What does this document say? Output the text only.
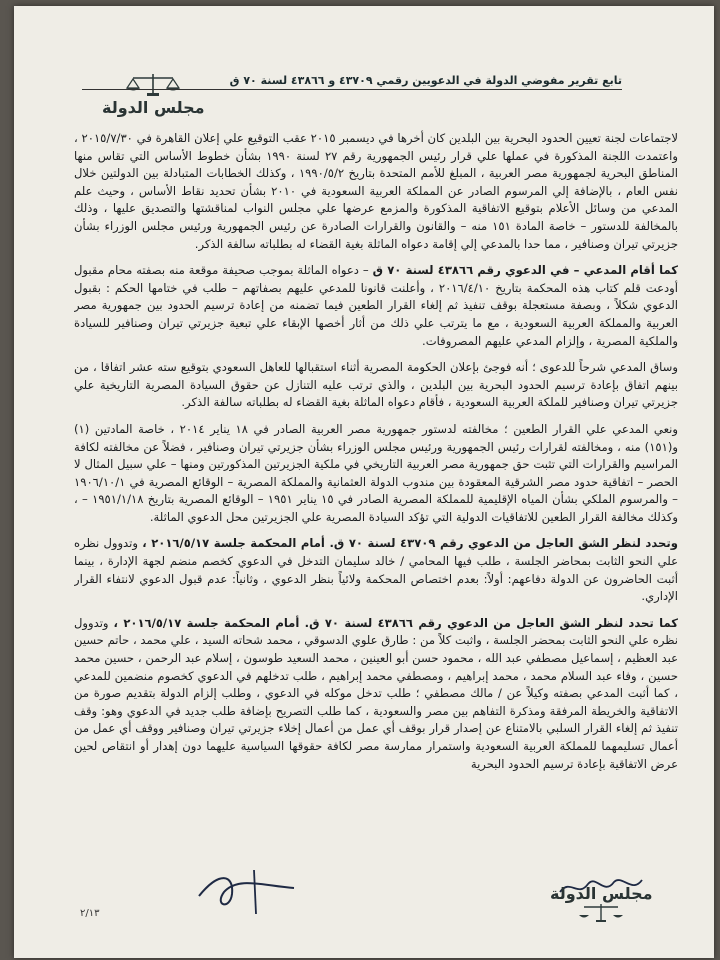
مجلس الدولة
تابع تقرير مفوضي الدولة في الدعويين رقمي ٤٣٧٠٩ و ٤٣٨٦٦ لسنة ٧٠ ق

لاجتماعات لجنة تعيين الحدود البحرية بين البلدين كان أخرها في ديسمبر ٢٠١٥ عقب التوقيع علي إعلان القاهرة في ٢٠١٥/٧/٣٠ ، واعتمدت اللجنة المذكورة في عملها علي قرار رئيس الجمهورية رقم ٢٧ لسنة ١٩٩٠ بشأن خطوط الأساس التي تقاس منها المناطق البحرية لجمهورية مصر العربية ، المبلغ للأمم المتحدة بتاريخ ١٩٩٠/٥/٢ ، وكذلك الخطابات المتبادلة بين الدولتين خلال نفس العام ، بالإضافة إلي المرسوم الصادر عن المملكة العربية السعودية في ٢٠١٠ بشأن تحديد نقاط الأساس ، وحيث علم المدعي من وسائل الأعلام بتوقيع الاتفاقية المذكورة والمزمع عرضها علي مجلس النواب لمناقشتها والتصديق عليها ، وذلك بالمخالفة للدستور – خاصة المادة ١٥١ منه – والقانون والقرارات الصادرة عن رئيس الجمهورية ورئيس مجلس الوزراء بشأن جزيرتي تيران وصنافير ، مما حدا بالمدعي إلي إقامة دعواه الماثلة بغية القضاء له بطلباته سالفة الذكر.

كما أقام المدعي – في الدعوي رقم ٤٣٨٦٦ لسنة ٧٠ ق – دعواه الماثلة بموجب صحيفة موقعة منه بصفته محام مقبول أودعت قلم كتاب هذه المحكمة بتاريخ ٢٠١٦/٤/١٠ ، وأعلنت قانونا للمدعي عليهم بصفاتهم – طلب في ختامها الحكم : بقبول الدعوي شكلاً ، وبصفة مستعجلة بوقف تنفيذ ثم إلغاء القرار الطعين فيما تضمنه من إعادة ترسيم الحدود بين جمهورية مصر العربية والمملكة العربية السعودية ، مع ما يترتب علي ذلك من أثار أخصها الإبقاء علي تبعية جزيرتي تيران وصنافير للسيادة والملكية المصرية ، وإلزام المدعي عليهم المصروفات.

وساق المدعي شرحاً للدعوى ؛ أنه فوجئ بإعلان الحكومة المصرية أثناء استقبالها للعاهل السعودي بتوقيع سته عشر اتفاقا ، من بينهم اتفاق بإعادة ترسيم الحدود البحرية بين البلدين ، والذي ترتب عليه التنازل عن حقوق السيادة المصرية التاريخية علي جزيرتي تيران وصنافير للملكة العربية السعودية ، فأقام دعواه الماثلة بغية القضاء له بطلباته سالفة الذكر.

ونعي المدعي علي القرار الطعين ؛ مخالفته لدستور جمهورية مصر العربية الصادر في ١٨ يناير ٢٠١٤ ، خاصة المادتين (١) و(١٥١) منه ، ومخالفته لقرارات رئيس الجمهورية ورئيس مجلس الوزراء بشأن جزيرتي تيران وصنافير ، فضلاً عن مخالفته لكافة المراسيم والقرارات التي تثبت حق جمهورية مصر العربية التاريخي في ملكية الجزيرتين المذكورتين ومنها – علي سبيل المثال لا الحصر – اتفاقية حدود مصر الشرقية المعقودة بين مندوب الدولة العثمانية والمملكة المصرية – الوقائع المصرية في ١٩٠٦/١٠/١ – والمرسوم الملكي بشأن المياه الإقليمية للمملكة المصرية الصادر في ١٥ يناير ١٩٥١ – الوقائع المصرية بتاريخ ١٩٥١/١/١٨ – ، وكذلك مخالفة القرار الطعين للاتفاقيات الدولية التي تؤكد السيادة المصرية علي الجزيرتين محل الدعوي الماثلة.

وتحدد لنظر الشق العاجل من الدعوي رقم ٤٣٧٠٩ لسنة ٧٠ ق. أمام المحكمة جلسة ٢٠١٦/٥/١٧ ، وتدوول نظره علي النحو الثابت بمحاضر الجلسة ، طلب فيها المحامي / خالد سليمان التدخل في الدعوي كخصم منضم لجهة الإدارة ، بينما أثبت الحاضرون عن الدولة دفاعهم: أولاً: بعدم اختصاص المحكمة ولائياً بنظر الدعوي ، وثانياً: عدم قبول الدعوي لانتفاء القرار الإداري.

كما تحدد لنظر الشق العاجل من الدعوي رقم ٤٣٨٦٦ لسنة ٧٠ ق. أمام المحكمة جلسة ٢٠١٦/٥/١٧ ، وتدوول نظره علي النحو الثابت بمحضر الجلسة ، واثبت كلاً من : طارق علوي الدسوقي ، محمد شحاته السيد ، علي محمد ، حاتم حسين عبد العظيم ، إسماعيل مصطفي عبد الله ، محمود حسن أبو العينين ، محمد السعيد طوسون ، إسلام عبد الرحمن ، حسين محمد حسين ، وفاء عبد السلام محمد ، محمد إبراهيم ، ومصطفي محمد إبراهيم ، طلب تدخلهم في الدعوي كخصوم منضمين للمدعي ، كما أثبت المدعي بصفته وكيلاً عن / مالك مصطفي ؛ طلب تدخل موكله في الدعوي ، وطلب إلزام الدولة بتقديم صورة من الاتفاقية والخريطة المرفقة ومذكرة التفاهم بين مصر والسعودية ، كما طلب التصريح بإضافة طلب جديد في الدعوي وهو: وقف تنفيذ ثم إلغاء القرار السلبي بالامتناع عن إصدار قرار بوقف أي عمل من أعمال إخلاء جزيرتي تيران وصنافير ووقف أي عمل من أعمال تسليمهما للمملكة العربية السعودية واستمرار ممارسة مصر لكافة حقوقها السياسية عليهما دون إهدار أو انتقاص لحين عرض الاتفاقية بإعادة ترسيم الحدود البحرية

مجلس الدولة
٢/١٣
